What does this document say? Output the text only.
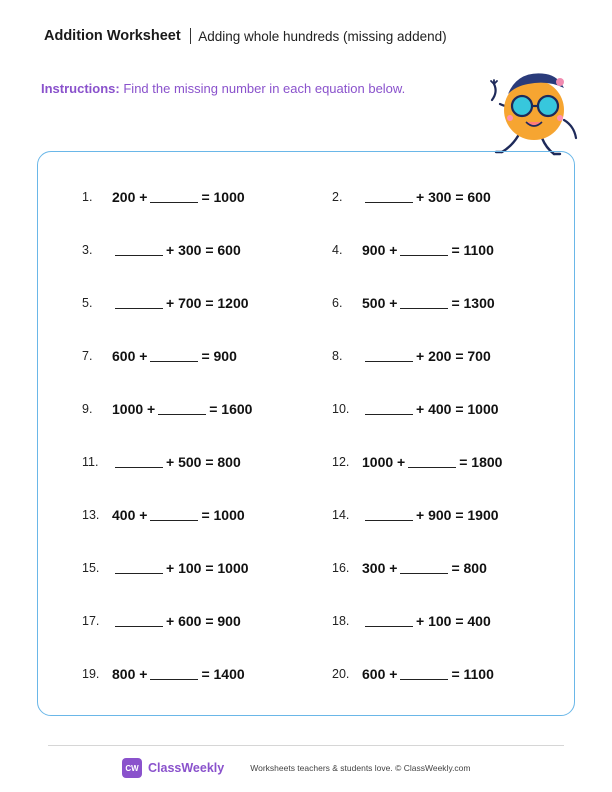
Addition Worksheet Adding whole hundreds (missing addend)
Instructions: Find the missing number in each equation below.
1.	200 +	= 1000	2.	+ 300 = 600
3.	+ 300 = 600	4.	900 +	= 1100
5.	+ 700 = 1200	6.	500 +	= 1300
7.	600 +	= 900	8.	+ 200 = 700
9.	1000 +	= 1600	10.	+ 400 = 1000
11.	+ 500 = 800	12. 1000 +	= 1800
13. 400 +	= 1000	14.	+ 900 = 1900
15.	+ 100 = 1000	16. 300 +	= 800
17.	+ 600 = 900	18.	+ 100 = 400
19. 800 +	= 1400	20. 600 +	= 1100
CW ClassWeekly	Worksheets teachers & students love. © ClassWeekly.com
